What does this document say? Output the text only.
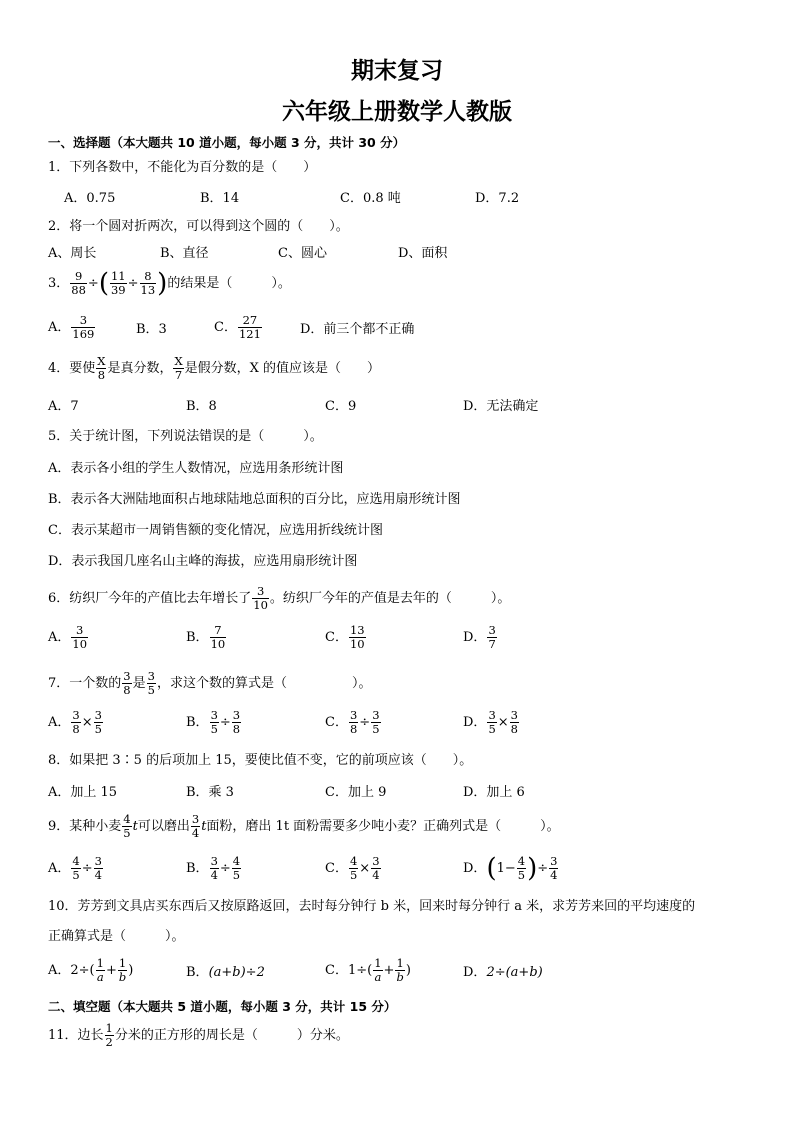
期末复习
六年级上册数学人教版
一、选择题（本大题共 10 道小题，每小题 3 分，共计 30 分）
1．下列各数中，不能化为百分数的是（　　）
A．0.75	B．14	C．0.8 吨	D．7.2
2．将一个圆对折两次，可以得到这个圆的（　　）。
A、周长	B、直径	C、圆心	D、面积
3． $\frac{9}{88}$ ÷( $\frac{11}{39} \div \frac{8}{13}$ )的结果是（　　　）。
A． $\frac{3}{169}$	B．3	C． $\frac{27}{121}$	D．前三个都不正确
4．要使 $\frac{X}{8}$ 是真分数， $\frac{X}{7}$ 是假分数，X 的值应该是（　　）
A．7	B．8	C．9	D．无法确定
5．关于统计图，下列说法错误的是（　　　）。
A．表示各小组的学生人数情况，应选用条形统计图
B．表示各大洲陆地面积占地球陆地总面积的百分比，应选用扇形统计图
C．表示某超市一周销售额的变化情况，应选用折线统计图
D．表示我国几座名山主峰的海拔，应选用扇形统计图
6．纺织厂今年的产值比去年增长了 $\frac{3}{10}$ 。纺织厂今年的产值是去年的（　　　）。
A． $\frac{3}{10}$	B． $\frac{7}{10}$	C． $\frac{13}{10}$	D． $\frac{3}{7}$
7．一个数的 $\frac{3}{8}$ 是 $\frac{3}{5}$ ，求这个数的算式是（　　　　　）。
A． $\frac{3}{8} \times \frac{3}{5}$	B． $\frac{3}{5} \div \frac{3}{8}$	C． $\frac{3}{8} \div \frac{3}{5}$	D． $\frac{3}{5} \times \frac{3}{8}$
8．如果把 3∶5 的后项加上 15，要使比值不变，它的前项应该（　　）。
A．加上 15	B．乘 3	C．加上 9	D．加上 6
9．某种小麦 $\frac{4}{5}$ t可以磨出 $\frac{3}{4}$ t面粉，磨出 1t 面粉需要多少吨小麦？正确列式是（　　　）。
A． $\frac{4}{5} \div \frac{3}{4}$	B． $\frac{3}{4} \div \frac{4}{5}$	C． $\frac{4}{5} \times \frac{3}{4}$	D．($1- \frac{4}{5}$ )÷ $\frac{3}{4}$
10．芳芳到文具店买东西后又按原路返回，去时每分钟行 b 米，回来时每分钟行 a 米，求芳芳来回的平均速度的
正确算式是（　　　）。
A．$2\div( \frac{1}{a} + \frac{1}{b}$ )	B．(a+b)÷2	C．$1\div( \frac{1}{a} + \frac{1}{b}$ )	D．2÷(a+b)
二、填空题（本大题共 5 道小题，每小题 3 分，共计 15 分）
11．边长 $\frac{1}{2}$ 分米的正方形的周长是（　　　）分米。
